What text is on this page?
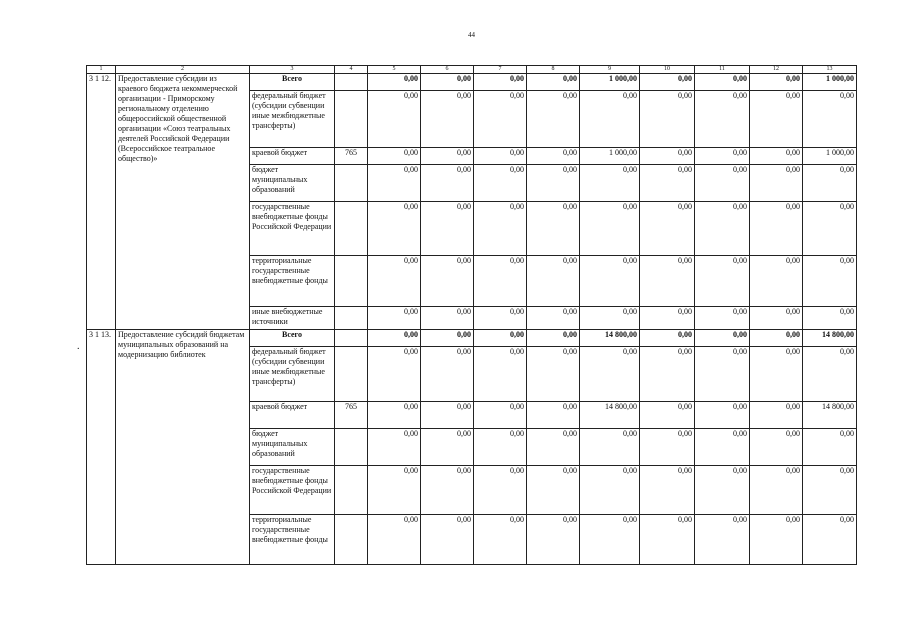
44
1	2	3	4	5	6	7	8	9	10	11	12	13
3 1 12.	Предоставление субсидии из краевого бюджета некоммерческой организации - Приморскому региональному отделению общероссийской общественной организации «Союз театральных деятелей Российской Федерации (Всероссийское театральное общество)»	Всего		0,00	0,00	0,00	0,00	1 000,00	0,00	0,00	0,00	1 000,00
		федеральный бюджет (субсидии субвенции иные межбюджетные трансферты)		0,00	0,00	0,00	0,00	0,00	0,00	0,00	0,00	0,00
		краевой бюджет	765	0,00	0,00	0,00	0,00	1 000,00	0,00	0,00	0,00	1 000,00
		бюджет муниципальных образований		0,00	0,00	0,00	0,00	0,00	0,00	0,00	0,00	0,00
		государственные внебюджетные фонды Российской Федерации		0,00	0,00	0,00	0,00	0,00	0,00	0,00	0,00	0,00
		территориальные государственные внебюджетные фонды		0,00	0,00	0,00	0,00	0,00	0,00	0,00	0,00	0,00
		иные внебюджетные источники		0,00	0,00	0,00	0,00	0,00	0,00	0,00	0,00	0,00
3 1 13.	Предоставление субсидий бюджетам муниципальных образований на модернизацию библиотек	Всего		0,00	0,00	0,00	0,00	14 800,00	0,00	0,00	0,00	14 800,00
		федеральный бюджет (субсидии субвенции иные межбюджетные трансферты)		0,00	0,00	0,00	0,00	0,00	0,00	0,00	0,00	0,00
		краевой бюджет	765	0,00	0,00	0,00	0,00	14 800,00	0,00	0,00	0,00	14 800,00
		бюджет муниципальных образований		0,00	0,00	0,00	0,00	0,00	0,00	0,00	0,00	0,00
		государственные внебюджетные фонды Российской Федерации		0,00	0,00	0,00	0,00	0,00	0,00	0,00	0,00	0,00
		территориальные государственные внебюджетные фонды		0,00	0,00	0,00	0,00	0,00	0,00	0,00	0,00	0,00
.
